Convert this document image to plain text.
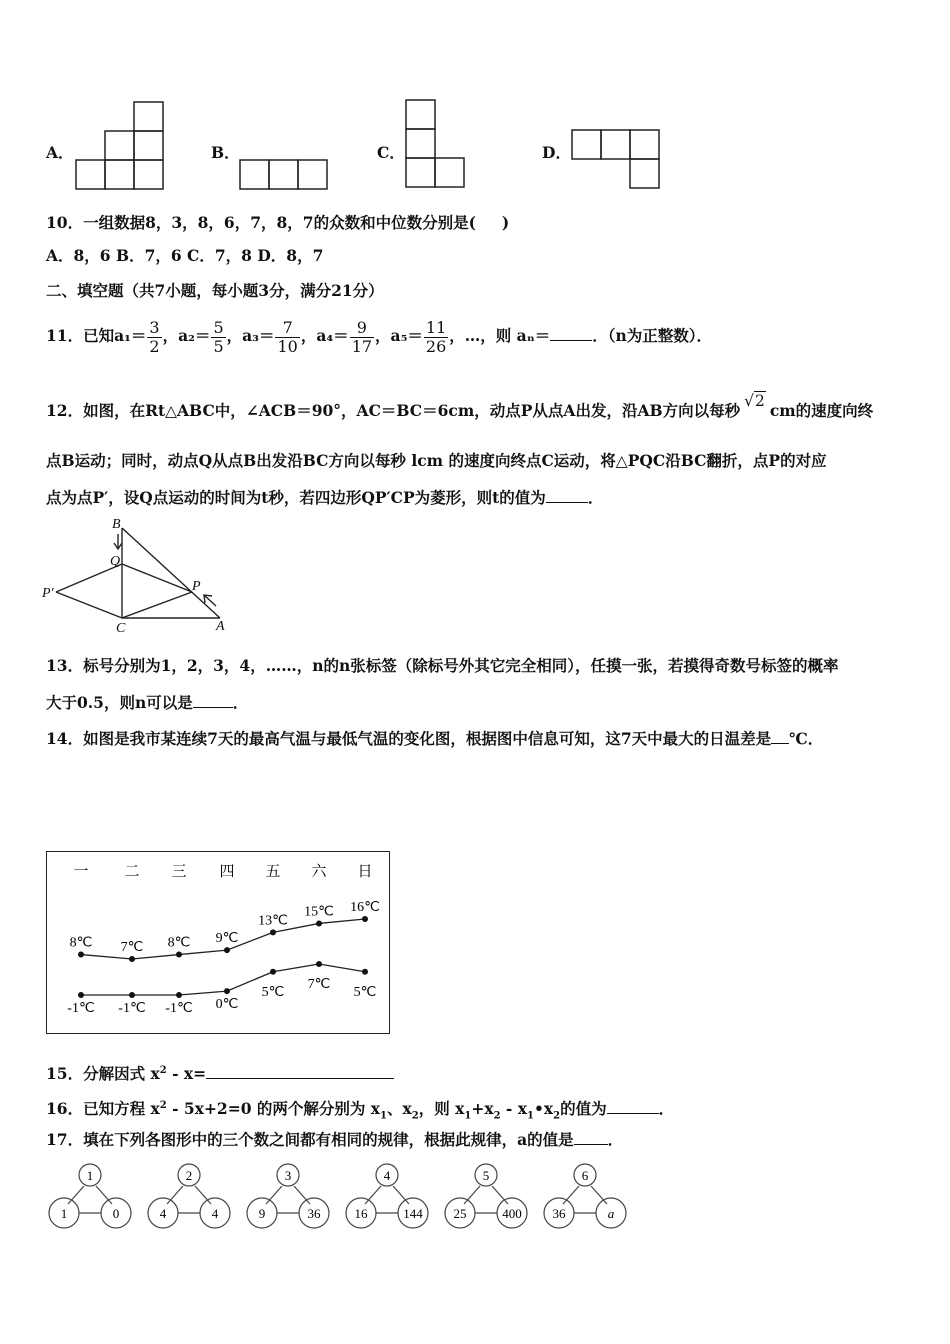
A．	B．	C．	D．
10．一组数据8，3，8，6，7，8，7的众数和中位数分别是( )
A．8，6 B．7，6 C．7，8 D．8，7
二、填空题（共7小题，每小题3分，满分21分）
11．已知$a_1= \frac{3}{2}$ ，$a_2= \frac{5}{5}$ ，$a_3= \frac{7}{10}$ ，$a_4= \frac{9}{17}$ ，$a_5= \frac{11}{26}$ ，…，则 aₙ＝	．（n为正整数）．
12．如图，在Rt△ABC中，∠ACB＝90°，AC＝BC＝6cm，动点P从点A出发，沿AB方向以每秒 √2 cm的速度向终
点B运动；同时，动点Q从点B出发沿BC方向以每秒 lcm 的速度向终点C运动，将△PQC沿BC翻折，点P的对应
点为点P′，设Q点运动的时间为t秒，若四边形QP′CP为菱形，则t的值为	．
B
Q
P′	P
C	A
13．标号分别为1，2，3，4，……，n的n张标签（除标号外其它完全相同），任摸一张，若摸得奇数号标签的概率
大于0.5，则n可以是	．
14．如图是我市某连续7天的最高气温与最低气温的变化图，根据图中信息可知，这7天中最大的日温差是 ℃．
一 二 三 四 五 六 日
8℃ 7℃ 8℃ 9℃
13℃
15℃ 16℃
-1℃ -1℃ -1℃ 0℃
5℃
7℃
5℃
15．分解因式 $x^2 - x=$
16．已知方程 $x^2 - 5x+2=0$ 的两个解分别为 $x_1$、$x_2$，则 $x_1+x_2$ - $x_1•x_2$的值为	．
17．填在下列各图形中的三个数之间都有相同的规律，根据此规律，a的值是 ．
1
1	0
2
4	4
3
9	36
4
16	144
5
25	400
6
36	a
